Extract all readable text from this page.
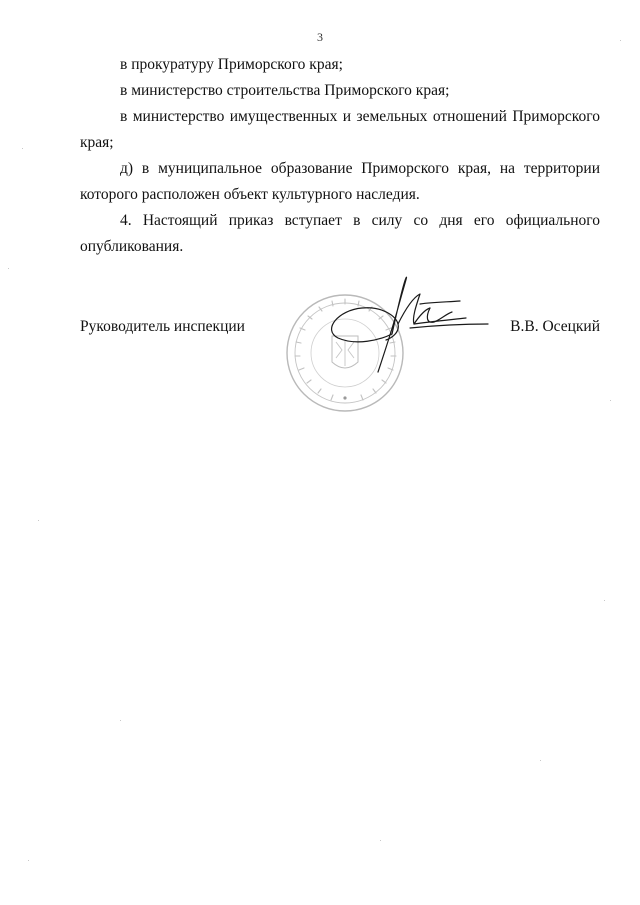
3

в прокуратуру Приморского края;

в министерство строительства Приморского края;

в министерство имущественных и земельных отношений Приморского края;

д) в муниципальное образование Приморского края, на территории которого расположен объект культурного наследия.

4. Настоящий приказ вступает в силу со дня его официального опубликования.

Руководитель инспекции	В.В. Осецкий
